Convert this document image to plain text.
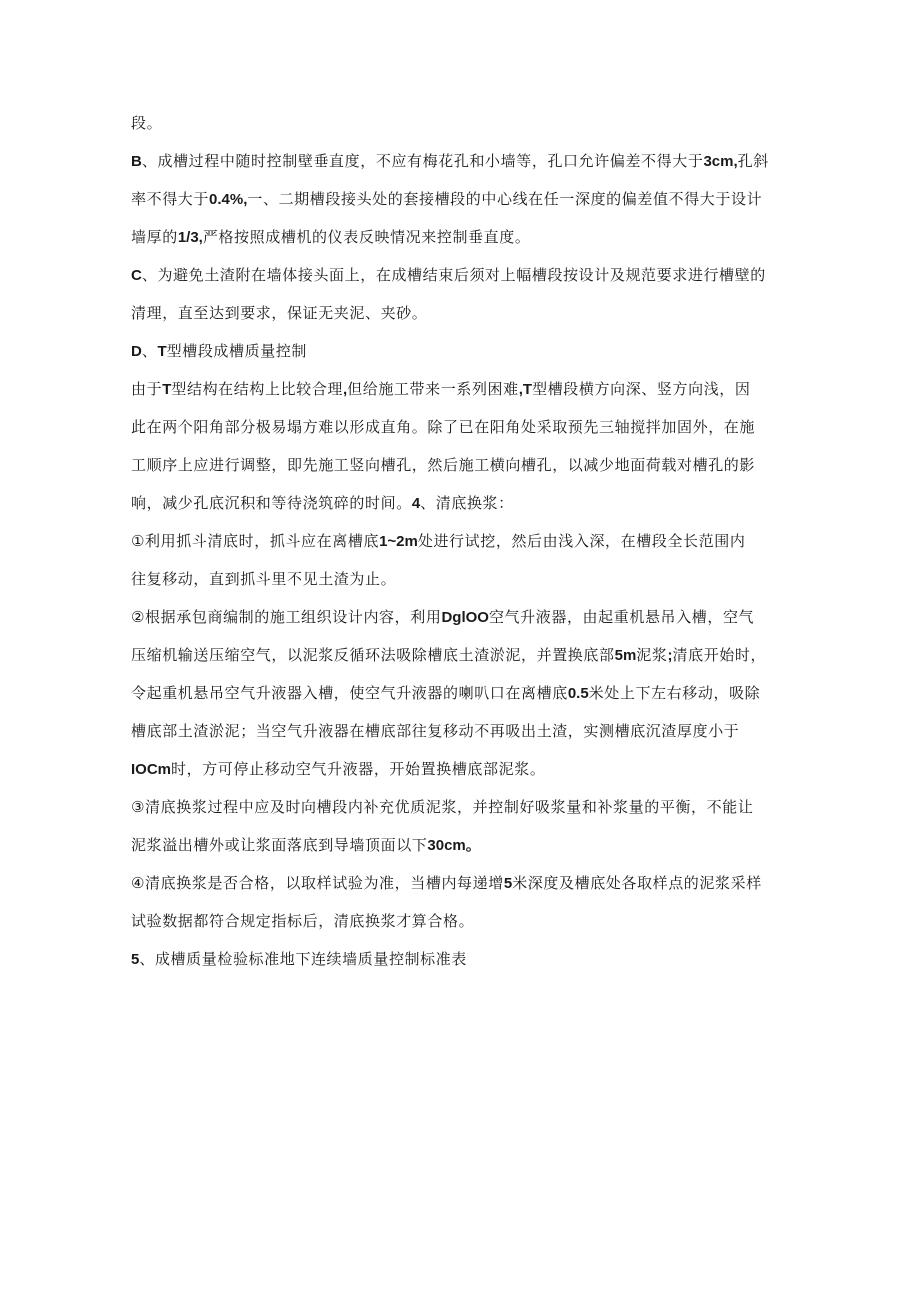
段。
B、成槽过程中随时控制壁垂直度，不应有梅花孔和小墙等，孔口允许偏差不得大于3cm,孔斜
率不得大于0.4%,一、二期槽段接头处的套接槽段的中心线在任一深度的偏差值不得大于设计
墙厚的1/3,严格按照成槽机的仪表反映情况来控制垂直度。
C、为避免土渣附在墙体接头面上，在成槽结束后须对上幅槽段按设计及规范要求进行槽壁的
清理，直至达到要求，保证无夹泥、夹砂。
D、T型槽段成槽质量控制
由于T型结构在结构上比较合理,但给施工带来一系列困难,T型槽段横方向深、竖方向浅，因
此在两个阳角部分极易塌方难以形成直角。除了已在阳角处采取预先三轴搅拌加固外，在施
工顺序上应进行调整，即先施工竖向槽孔，然后施工横向槽孔，以减少地面荷载对槽孔的影
响，减少孔底沉积和等待浇筑碎的时间。4、清底换浆：
①利用抓斗清底时，抓斗应在离槽底1~2m处进行试挖，然后由浅入深，在槽段全长范围内
往复移动，直到抓斗里不见土渣为止。
②根据承包商编制的施工组织设计内容，利用DglOO空气升液器，由起重机悬吊入槽，空气
压缩机输送压缩空气，以泥浆反循环法吸除槽底土渣淤泥，并置换底部5m泥浆;清底开始时，
令起重机悬吊空气升液器入槽，使空气升液器的喇叭口在离槽底0.5米处上下左右移动，吸除
槽底部土渣淤泥；当空气升液器在槽底部往复移动不再吸出土渣，实测槽底沉渣厚度小于
IOCm时，方可停止移动空气升液器，开始置换槽底部泥浆。
③清底换浆过程中应及时向槽段内补充优质泥浆，并控制好吸浆量和补浆量的平衡，不能让
泥浆溢出槽外或让浆面落底到导墙顶面以下30cm。
④清底换浆是否合格，以取样试验为准，当槽内每递增5米深度及槽底处各取样点的泥浆采样
试验数据都符合规定指标后，清底换浆才算合格。
5、成槽质量检验标准地下连续墙质量控制标准表
